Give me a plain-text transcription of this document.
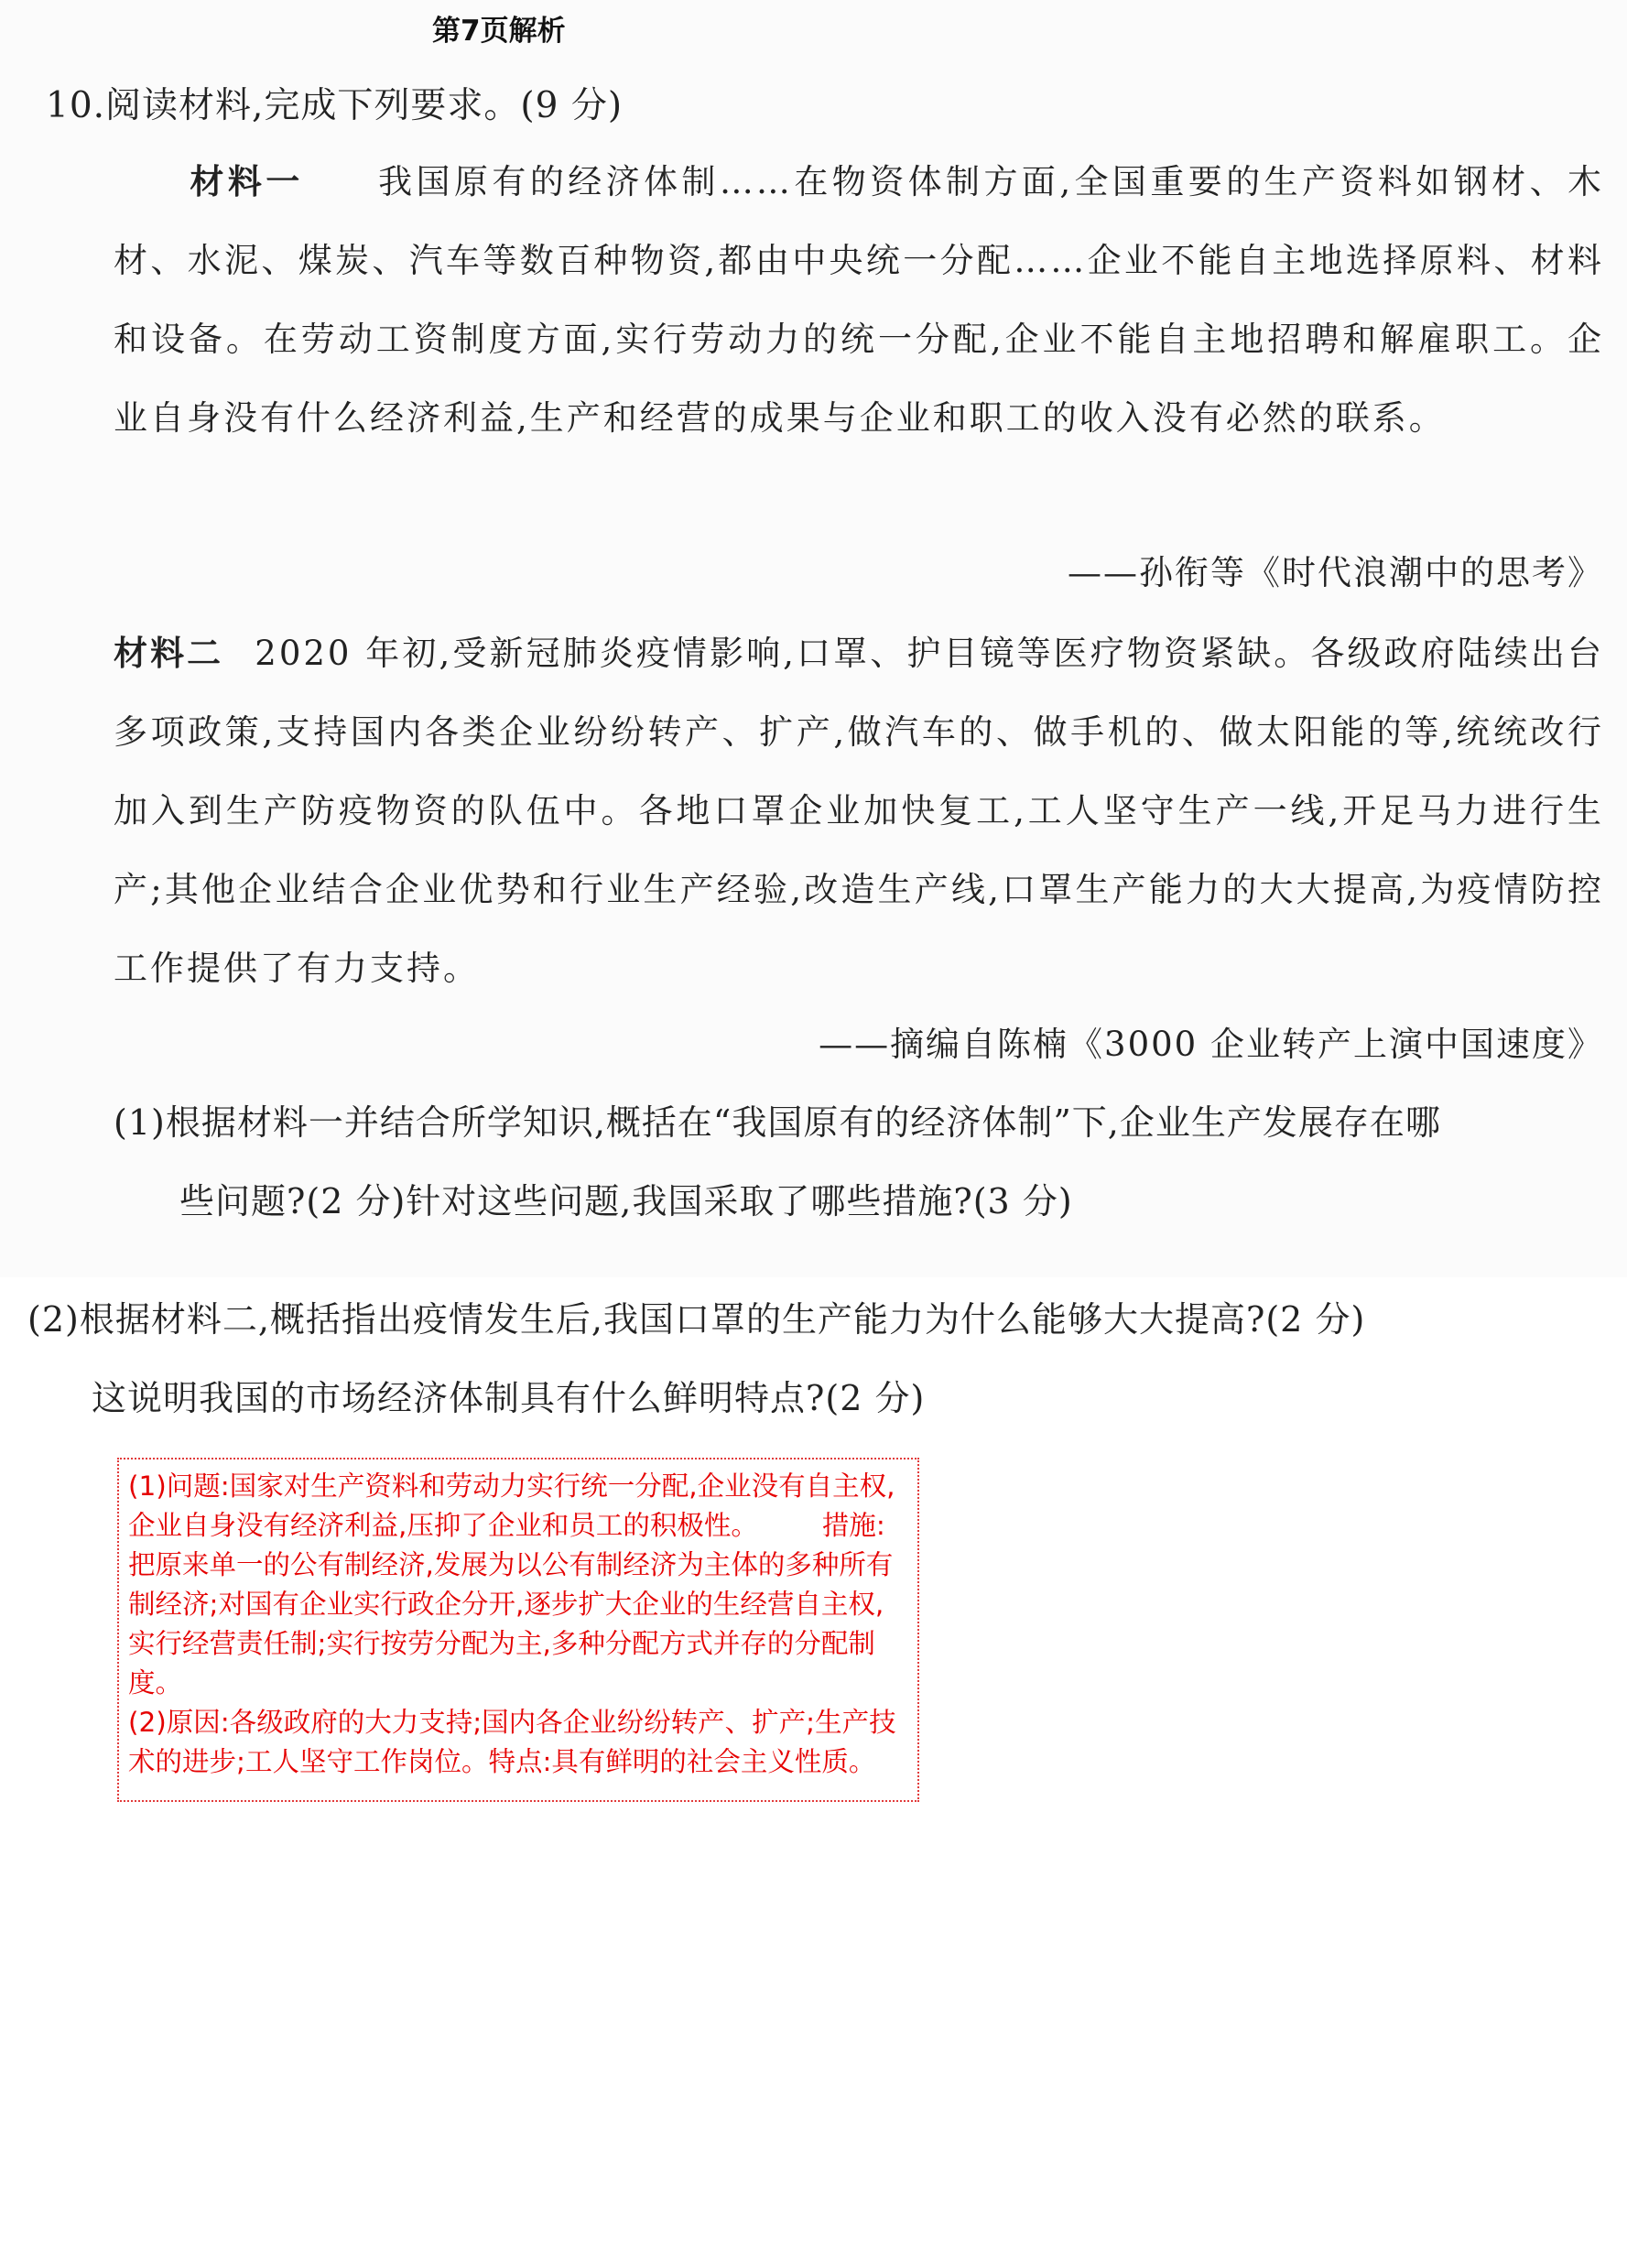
第7页解析
10.阅读材料,完成下列要求。(9 分)

材料一 我国原有的经济体制……在物资体制方面,全国重要的生产资料如钢材、木材、水泥、煤炭、汽车等数百种物资,都由中央统一分配……企业不能自主地选择原料、材料和设备。在劳动工资制度方面,实行劳动力的统一分配,企业不能自主地招聘和解雇职工。企业自身没有什么经济利益,生产和经营的成果与企业和职工的收入没有必然的联系。

——孙衔等《时代浪潮中的思考》

材料二 2020 年初,受新冠肺炎疫情影响,口罩、护目镜等医疗物资紧缺。各级政府陆续出台多项政策,支持国内各类企业纷纷转产、扩产,做汽车的、做手机的、做太阳能的等,统统改行加入到生产防疫物资的队伍中。各地口罩企业加快复工,工人坚守生产一线,开足马力进行生产;其他企业结合企业优势和行业生产经验,改造生产线,口罩生产能力的大大提高,为疫情防控工作提供了有力支持。

——摘编自陈楠《3000 企业转产上演中国速度》

(1)根据材料一并结合所学知识,概括在“我国原有的经济体制”下,企业生产发展存在哪
些问题?(2 分)针对这些问题,我国采取了哪些措施?(3 分)

(2)根据材料二,概括指出疫情发生后,我国口罩的生产能力为什么能够大大提高?(2 分)
这说明我国的市场经济体制具有什么鲜明特点?(2 分)

(1)问题:国家对生产资料和劳动力实行统一分配,企业没有自主权,企业自身没有经济利益,压抑了企业和员工的积极性。 措施:把原来单一的公有制经济,发展为以公有制经济为主体的多种所有制经济;对国有企业实行政企分开,逐步扩大企业的生经营自主权,实行经营责任制;实行按劳分配为主,多种分配方式并存的分配制度。

(2)原因:各级政府的大力支持;国内各企业纷纷转产、扩产;生产技术的进步;工人坚守工作岗位。特点:具有鲜明的社会主义性质。
